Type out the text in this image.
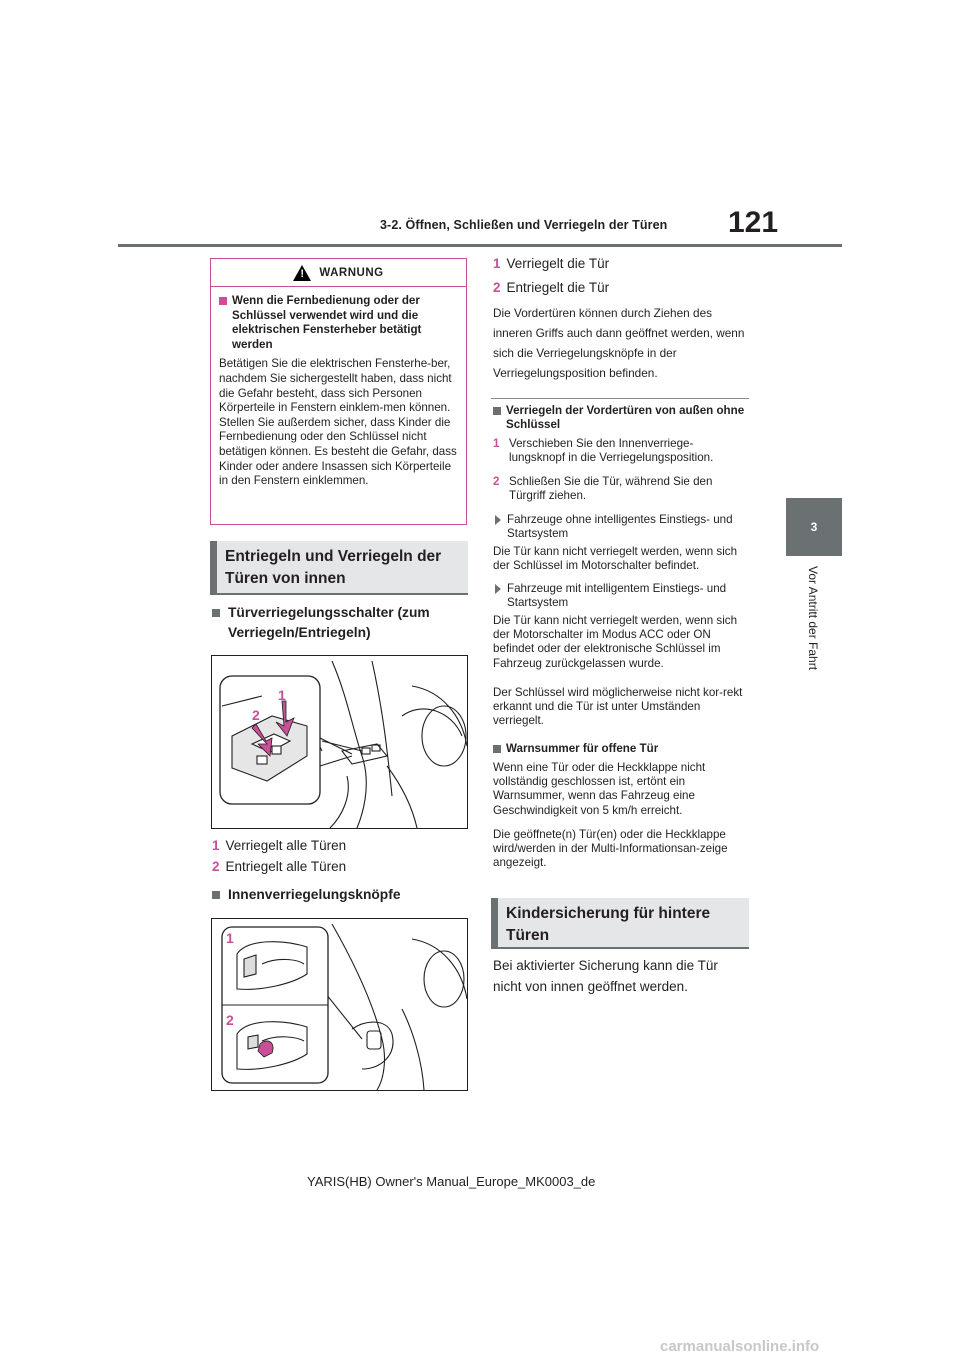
3-2. Öffnen, Schließen und Verriegeln der Türen 121
3
Vor Antritt der Fahrt
!
WARNUNG

Wenn die Fernbedienung oder der Schlüssel verwendet wird und die elektrischen Fensterheber betätigt werden

Betätigen Sie die elektrischen Fensterhe-ber, nachdem Sie sichergestellt haben, dass nicht die Gefahr besteht, dass sich Personen Körperteile in Fenstern einklem-men können. Stellen Sie außerdem sicher, dass Kinder die Fernbedienung oder den Schlüssel nicht betätigen können. Es besteht die Gefahr, dass Kinder oder andere Insassen sich Körperteile in den Fenstern einklemmen.

Entriegeln und Verriegeln der Türen von innen
Türverriegelungsschalter (zum Verriegeln/Entriegeln)
1
2
1 Verriegelt alle Türen
2 Entriegelt alle Türen
Innenverriegelungsknöpfe
1
2
1 Verriegelt die Tür
2 Entriegelt die Tür

Die Vordertüren können durch Ziehen des inneren Griffs auch dann geöffnet werden, wenn sich die Verriegelungsknöpfe in der Verriegelungsposition befinden.

Verriegeln der Vordertüren von außen ohne Schlüssel
1 Verschieben Sie den Innenverriege-lungsknopf in die Verriegelungsposition.
2 Schließen Sie die Tür, während Sie den Türgriff ziehen.
Fahrzeuge ohne intelligentes Einstiegs- und Startsystem

Die Tür kann nicht verriegelt werden, wenn sich der Schlüssel im Motorschalter befindet.

Fahrzeuge mit intelligentem Einstiegs- und Startsystem

Die Tür kann nicht verriegelt werden, wenn sich der Motorschalter im Modus ACC oder ON befindet oder der elektronische Schlüssel im Fahrzeug zurückgelassen wurde.

Der Schlüssel wird möglicherweise nicht kor-rekt erkannt und die Tür ist unter Umständen verriegelt.

Warnsummer für offene Tür

Wenn eine Tür oder die Heckklappe nicht vollständig geschlossen ist, ertönt ein Warnsummer, wenn das Fahrzeug eine Geschwindigkeit von 5 km/h erreicht.

Die geöffnete(n) Tür(en) oder die Heckklappe wird/werden in der Multi-Informationsan-zeige angezeigt.

Kindersicherung für hintere Türen

Bei aktivierter Sicherung kann die Tür nicht von innen geöffnet werden.

YARIS(HB) Owner's Manual_Europe_MK0003_de
carmanualsonline.info
